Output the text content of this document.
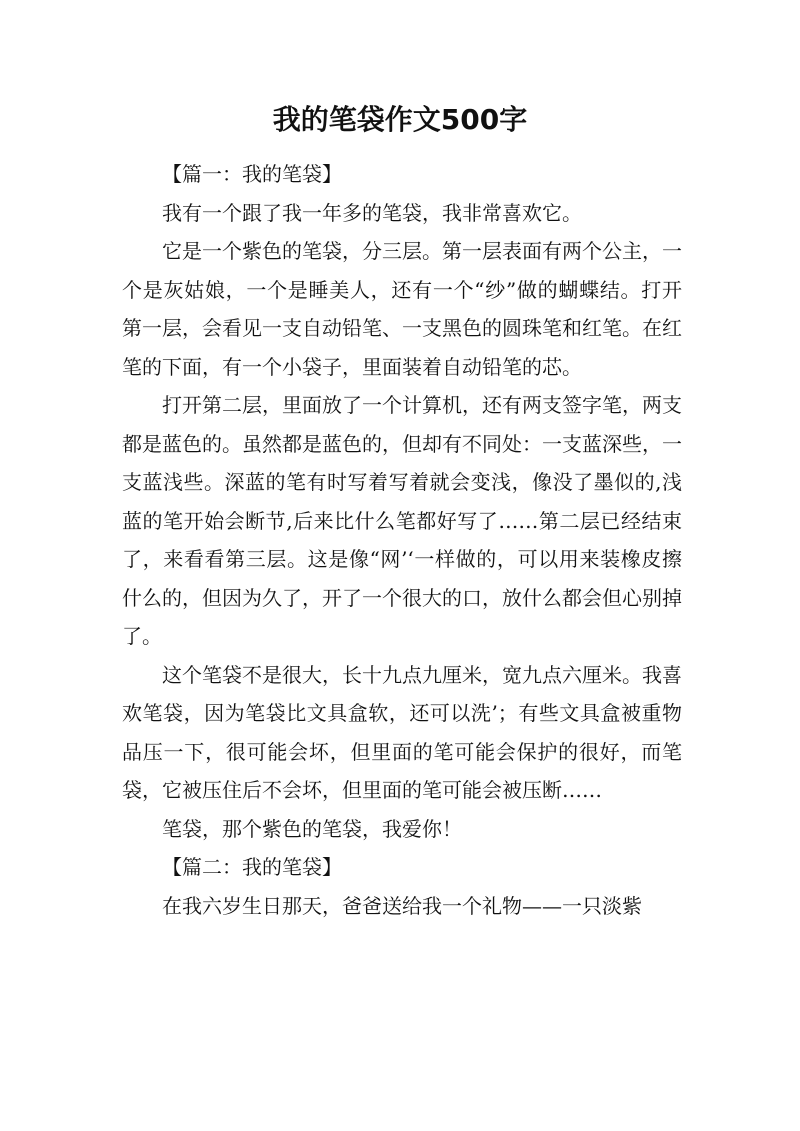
我的笔袋作文500字

【篇一：我的笔袋】

我有一个跟了我一年多的笔袋，我非常喜欢它。

它是一个紫色的笔袋，分三层。第一层表面有两个公主，一个是灰姑娘，一个是睡美人，还有一个“纱”做的蝴蝶结。打开第一层，会看见一支自动铅笔、一支黑色的圆珠笔和红笔。在红笔的下面，有一个小袋子，里面装着自动铅笔的芯。

打开第二层，里面放了一个计算机，还有两支签字笔，两支都是蓝色的。虽然都是蓝色的，但却有不同处：一支蓝深些，一支蓝浅些。深蓝的笔有时写着写着就会变浅，像没了墨似的,浅蓝的笔开始会断节,后来比什么笔都好写了……第二层已经结束了，来看看第三层。这是像“网’‘一样做的，可以用来装橡皮擦什么的，但因为久了，开了一个很大的口，放什么都会但心别掉了。

这个笔袋不是很大，长十九点九厘米，宽九点六厘米。我喜欢笔袋，因为笔袋比文具盒软，还可以洗’；有些文具盒被重物品压一下，很可能会坏，但里面的笔可能会保护的很好，而笔袋，它被压住后不会坏，但里面的笔可能会被压断……

笔袋，那个紫色的笔袋，我爱你！

【篇二：我的笔袋】

在我六岁生日那天，爸爸送给我一个礼物——一只淡紫
